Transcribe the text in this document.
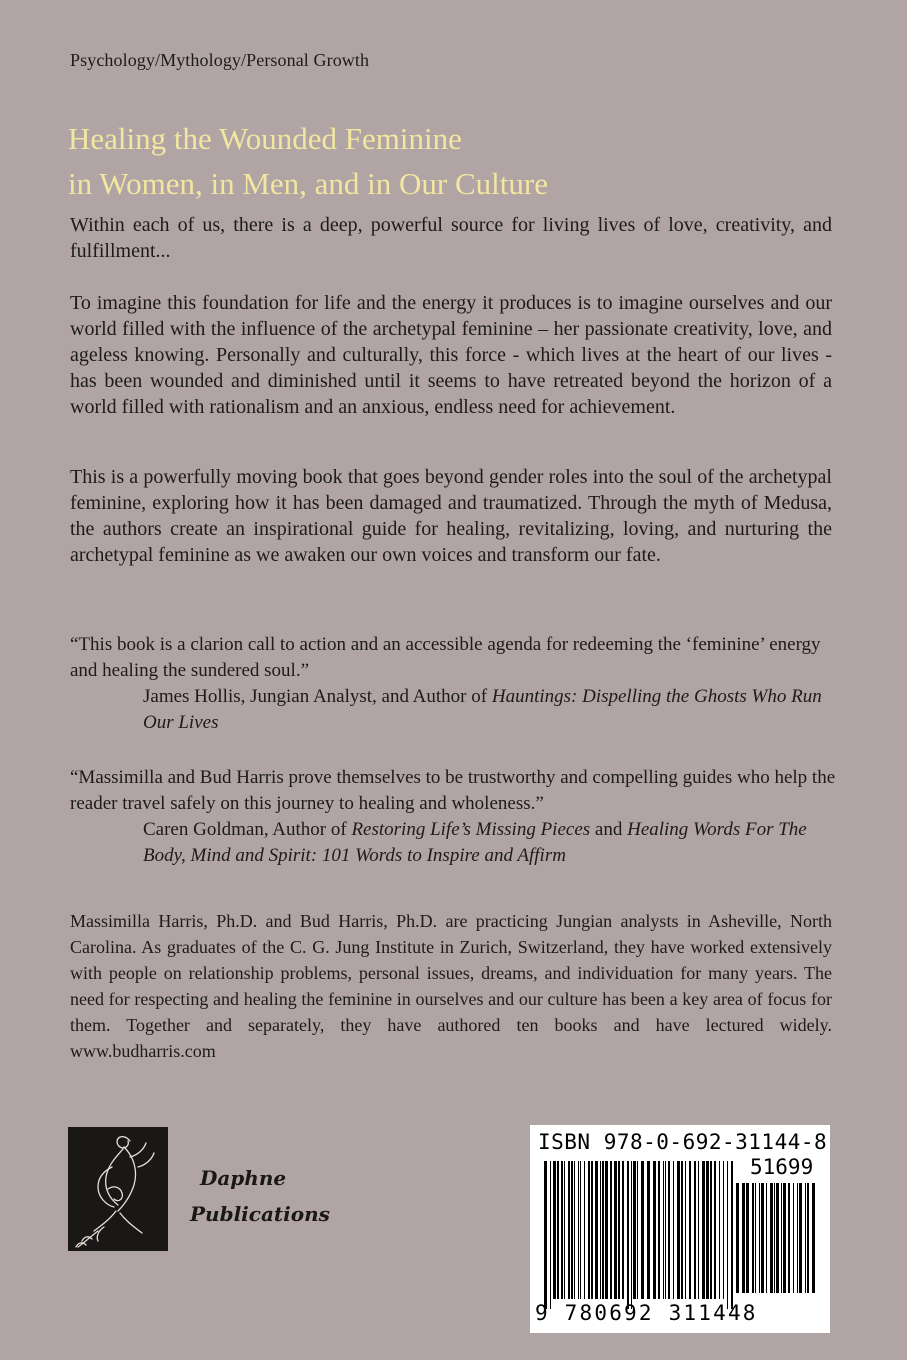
Psychology/Mythology/Personal Growth
Healing the Wounded Feminine
in Women, in Men, and in Our Culture

Within each of us, there is a deep, powerful source for living lives of love, creativity, and fulfillment...

To imagine this foundation for life and the energy it produces is to imagine ourselves and our world filled with the influence of the archetypal feminine – her passionate creativity, love, and ageless knowing. Personally and culturally, this force - which lives at the heart of our lives - has been wounded and diminished until it seems to have retreated beyond the horizon of a world filled with rationalism and an anxious, endless need for achievement.

This is a powerfully moving book that goes beyond gender roles into the soul of the archetypal feminine, exploring how it has been damaged and traumatized. Through the myth of Medusa, the authors create an inspirational guide for healing, revitalizing, loving, and nurturing the archetypal feminine as we awaken our own voices and transform our fate.

“This book is a clarion call to action and an accessible agenda for redeeming the ‘feminine’ energy and healing the sundered soul.”

James Hollis, Jungian Analyst, and Author of Hauntings: Dispelling the Ghosts Who Run Our Lives

“Massimilla and Bud Harris prove themselves to be trustworthy and compelling guides who help the reader travel safely on this journey to healing and wholeness.”

Caren Goldman, Author of Restoring Life’s Missing Pieces and Healing Words For The Body, Mind and Spirit: 101 Words to Inspire and Affirm

Massimilla Harris, Ph.D. and Bud Harris, Ph.D. are practicing Jungian analysts in Asheville, North Carolina. As graduates of the C. G. Jung Institute in Zurich, Switzerland, they have worked extensively with people on relationship problems, personal issues, dreams, and individuation for many years. The need for respecting and healing the feminine in ourselves and our culture has been a key area of focus for them. Together and separately, they have authored ten books and have lectured widely. www.budharris.com

Daphne
Publications
ISBN 978-0-692-31144-8
51699
9 780692 311448
